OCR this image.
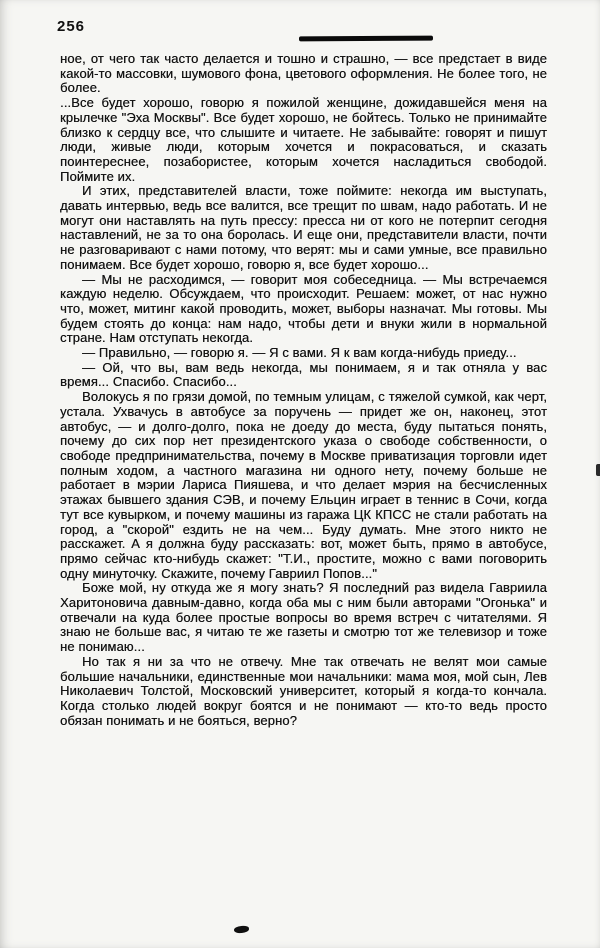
256

ное, от чего так часто делается и тошно и страшно, — все предстает в виде какой-то массовки, шумового фона, цветового оформления. Не более того, не более.

...Все будет хорошо, говорю я пожилой женщине, дожидавшейся меня на крылечке "Эха Москвы". Все будет хорошо, не бойтесь. Только не принимайте близко к сердцу все, что слышите и читаете. Не забывайте: говорят и пишут люди, живые люди, которым хочется и покрасоваться, и сказать поинтереснее, позабористее, которым хочется насладиться свободой. Поймите их.

И этих, представителей власти, тоже поймите: некогда им выступать, давать интервью, ведь все валится, все трещит по швам, надо работать. И не могут они наставлять на путь прессу: пресса ни от кого не потерпит сегодня наставлений, не за то она боролась. И еще они, представители власти, почти не разговаривают с нами потому, что верят: мы и сами умные, все правильно понимаем. Все будет хорошо, говорю я, все будет хорошо...

— Мы не расходимся, — говорит моя собеседница. — Мы встречаемся каждую неделю. Обсуждаем, что происходит. Решаем: может, от нас нужно что, может, митинг какой проводить, может, выборы назначат. Мы готовы. Мы будем стоять до конца: нам надо, чтобы дети и внуки жили в нормальной стране. Нам отступать некогда.

— Правильно, — говорю я. — Я с вами. Я к вам когда-нибудь приеду...

— Ой, что вы, вам ведь некогда, мы понимаем, я и так отняла у вас время... Спасибо. Спасибо...

Волокусь я по грязи домой, по темным улицам, с тяжелой сумкой, как черт, устала. Ухвачусь в автобусе за поручень — придет же он, наконец, этот автобус, — и долго-долго, пока не доеду до места, буду пытаться понять, почему до сих пор нет президентского указа о свободе собственности, о свободе предпринимательства, почему в Москве приватизация торговли идет полным ходом, а частного магазина ни одного нету, почему больше не работает в мэрии Лариса Пияшева, и что делает мэрия на бесчисленных этажах бывшего здания СЭВ, и почему Ельцин играет в теннис в Сочи, когда тут все кувырком, и почему машины из гаража ЦК КПСС не стали работать на город, а "скорой" ездить не на чем... Буду думать. Мне этого никто не расскажет. А я должна буду рассказать: вот, может быть, прямо в автобусе, прямо сейчас кто-нибудь скажет: "Т.И., простите, можно с вами поговорить одну минуточку. Скажите, почему Гавриил Попов..."

Боже мой, ну откуда же я могу знать? Я последний раз видела Гавриила Харитоновича давным-давно, когда оба мы с ним были авторами "Огонька" и отвечали на куда более простые вопросы во время встреч с читателями. Я знаю не больше вас, я читаю те же газеты и смотрю тот же телевизор и тоже не понимаю...

Но так я ни за что не отвечу. Мне так отвечать не велят мои самые большие начальники, единственные мои начальники: мама моя, мой сын, Лев Николаевич Толстой, Московский университет, который я когда-то кончала. Когда столько людей вокруг боятся и не понимают — кто-то ведь просто обязан понимать и не бояться, верно?
